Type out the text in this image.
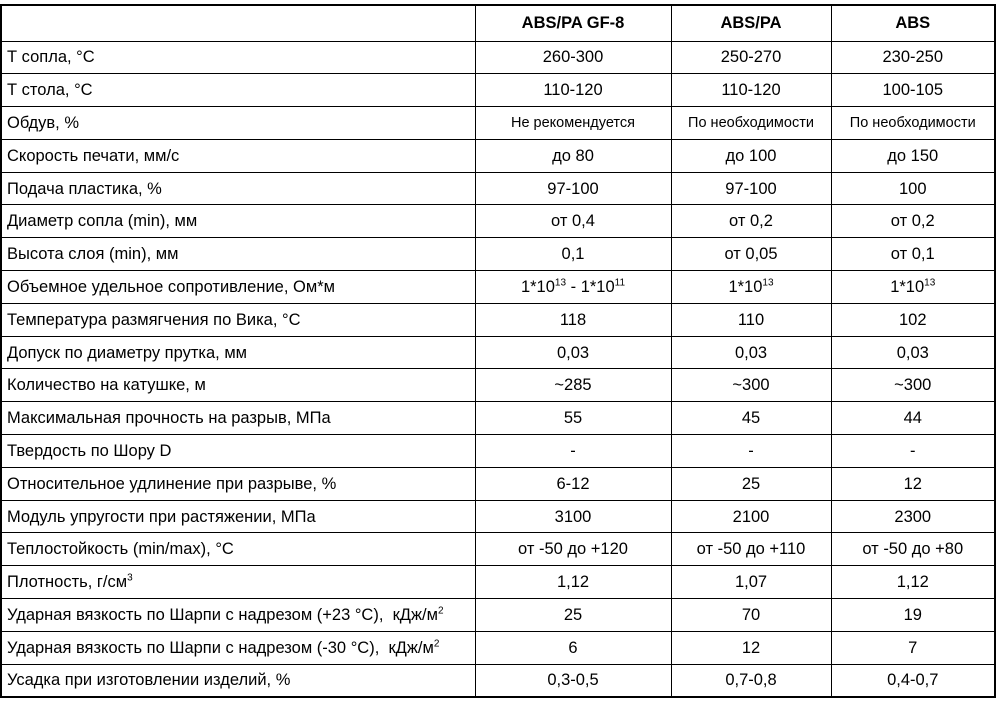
	ABS/PA GF-8	ABS/PA	ABS
Т сопла, °С	260-300	250-270	230-250
Т стола, °С	110-120	110-120	100-105
Обдув, %	Не рекомендуется	По необходимости	По необходимости
Скорость печати, мм/с	до 80	до 100	до 150
Подача пластика, %	97-100	97-100	100
Диаметр сопла (min), мм	от 0,4	от 0,2	от 0,2
Высота слоя (min), мм	0,1	от 0,05	от 0,1
Объемное удельное сопротивление, Ом*м	$1*10^{13} - 1*10^{11}$	$1*10^{13}$	$1*10^{13}$
Температура размягчения по Вика, °С	118	110	102
Допуск по диаметру прутка, мм	0,03	0,03	0,03
Количество на катушке, м	~285	~300	~300
Максимальная прочность на разрыв, МПа	55	45	44
Твердость по Шору D	-	-	-
Относительное удлинение при разрыве, %	6-12	25	12
Модуль упругости при растяжении, МПа	3100	2100	2300
Теплостойкость (min/max), °С	от -50 до +120	от -50 до +110	от -50 до +80
Плотность, $г/см^3$	1,12	1,07	1,12
Ударная вязкость по Шарпи с надрезом (+23 °С),  кДж/$м^2$	25	70	19
Ударная вязкость по Шарпи с надрезом (-30 °С),  кДж/$м^2$	6	12	7
Усадка при изготовлении изделий, %	0,3-0,5	0,7-0,8	0,4-0,7
